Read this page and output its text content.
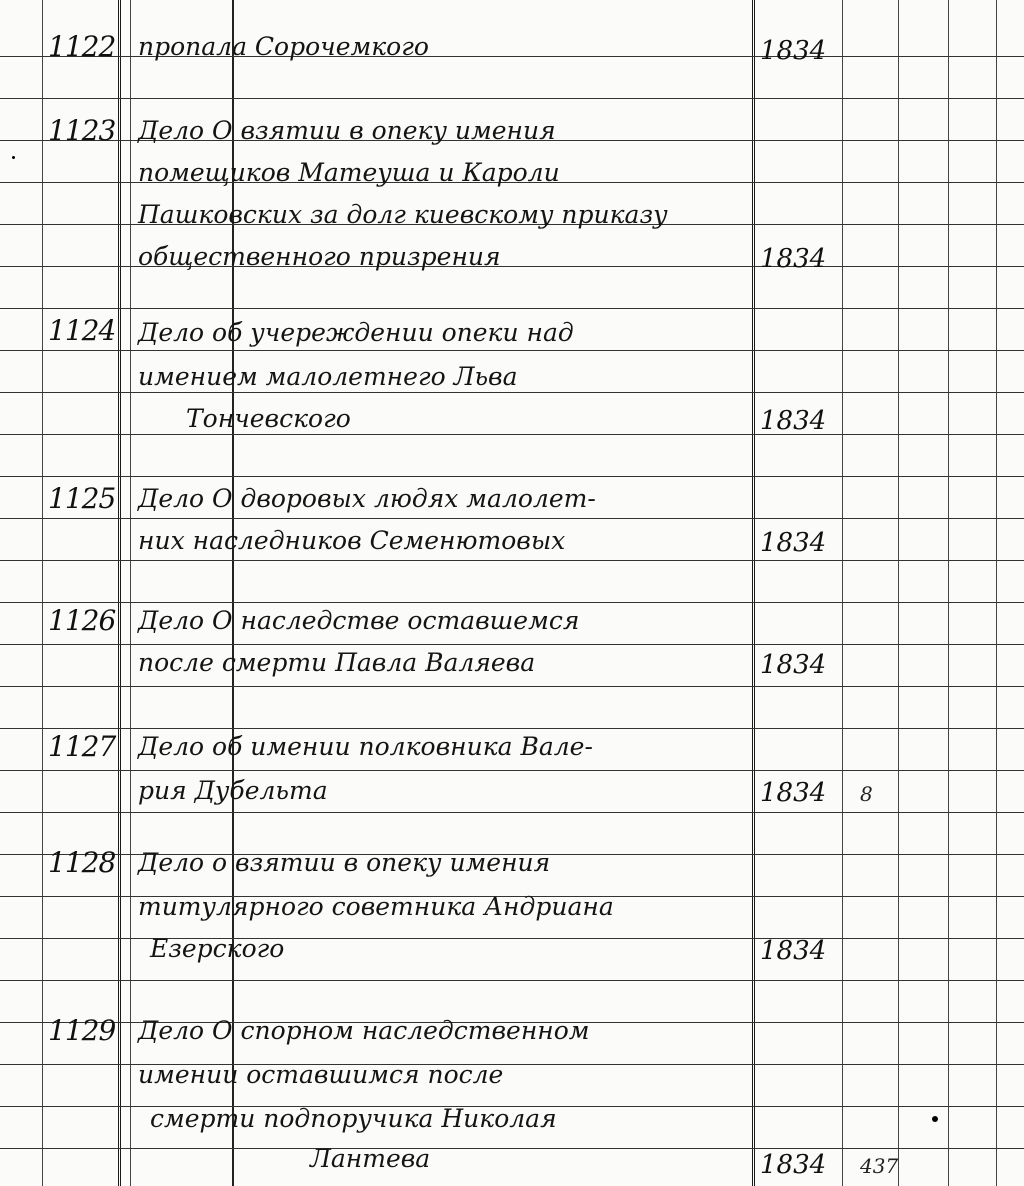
1122 пропала Сорочемкого	1834
1123 Дело О взятии в опеку имения
помещиков Матеуша и Кароли
Пашковских за долг киевскому приказу
общественного призрения	1834
1124 Дело об учереждении опеки над
имением малолетнего Льва
Тончевского	1834
1125 Дело О дворовых людях малолет-
них наследников Семенютовых	1834
1126 Дело О наследстве оставшемся
после смерти Павла Валяева	1834
1127 Дело об имении полковника Вале-
рия Дубельта	1834 8
1128 Дело о взятии в опеку имения
титулярного советника Андриана
Езерского	1834
1129 Дело О спорном наследственном
имении оставшимся после
смерти подпоручика Николая
Лантева	1834 437
